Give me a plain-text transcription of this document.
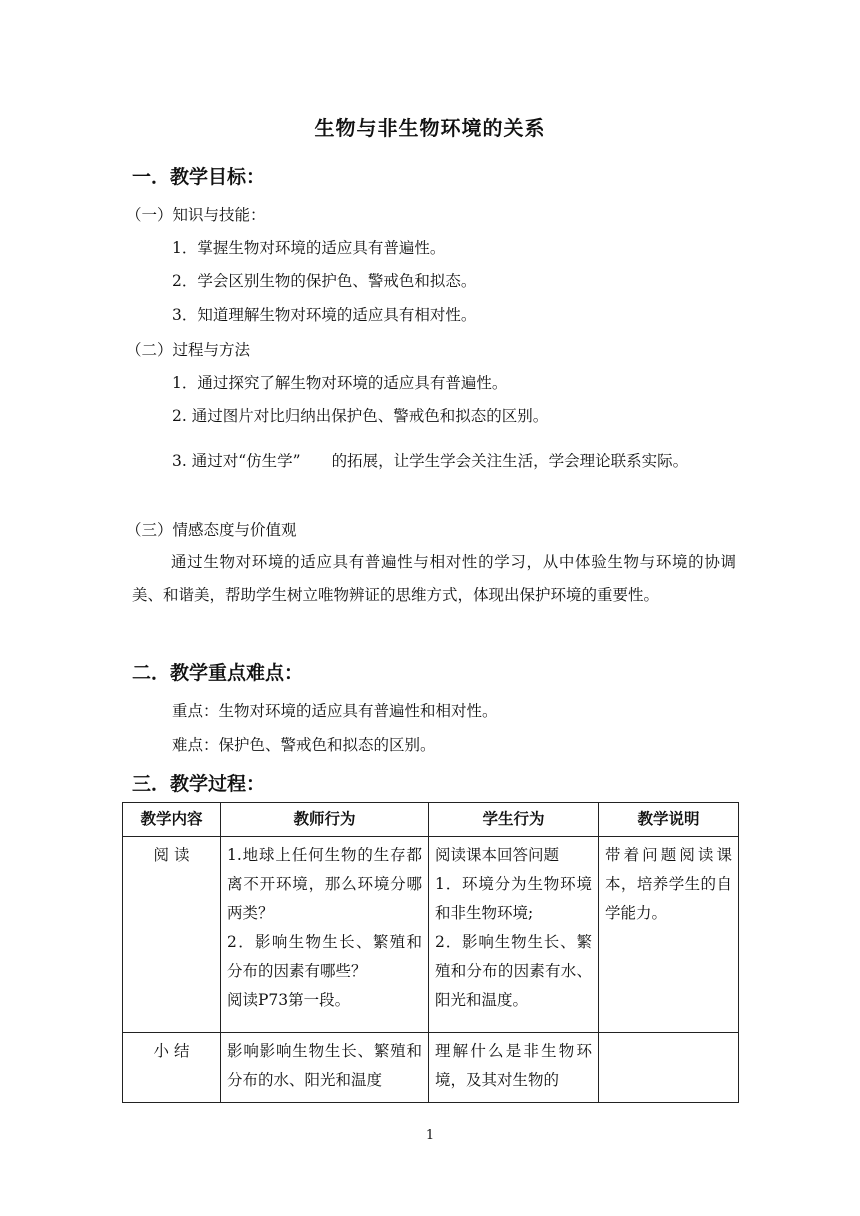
生物与非生物环境的关系
一．教学目标：
（一）知识与技能：
1．掌握生物对环境的适应具有普遍性。
2．学会区别生物的保护色、警戒色和拟态。
3．知道理解生物对环境的适应具有相对性。
（二）过程与方法
1．通过探究了解生物对环境的适应具有普遍性。
2. 通过图片对比归纳出保护色、警戒色和拟态的区别。
3. 通过对“仿生学”　　的拓展，让学生学会关注生活，学会理论联系实际。
（三）情感态度与价值观
通过生物对环境的适应具有普遍性与相对性的学习，从中体验生物与环境的协调美、和谐美，帮助学生树立唯物辨证的思维方式，体现出保护环境的重要性。
二．教学重点难点：
重点：生物对环境的适应具有普遍性和相对性。
难点：保护色、警戒色和拟态的区别。
三．教学过程：
教学内容	教师行为	学生行为	教学说明
阅 读	1.地球上任何生物的生存都离不开环境，那么环境分哪两类？
2．影响生物生长、繁殖和分布的因素有哪些？
阅读P73第一段。	阅读课本回答问题
1．环境分为生物环境和非生物环境;
2．影响生物生长、繁殖和分布的因素有水、阳光和温度。	带着问题阅读课本，培养学生的自学能力。
小 结	影响影响生物生长、繁殖和分布的水、阳光和温度	理解什么是非生物环境，及其对生物的	

1
